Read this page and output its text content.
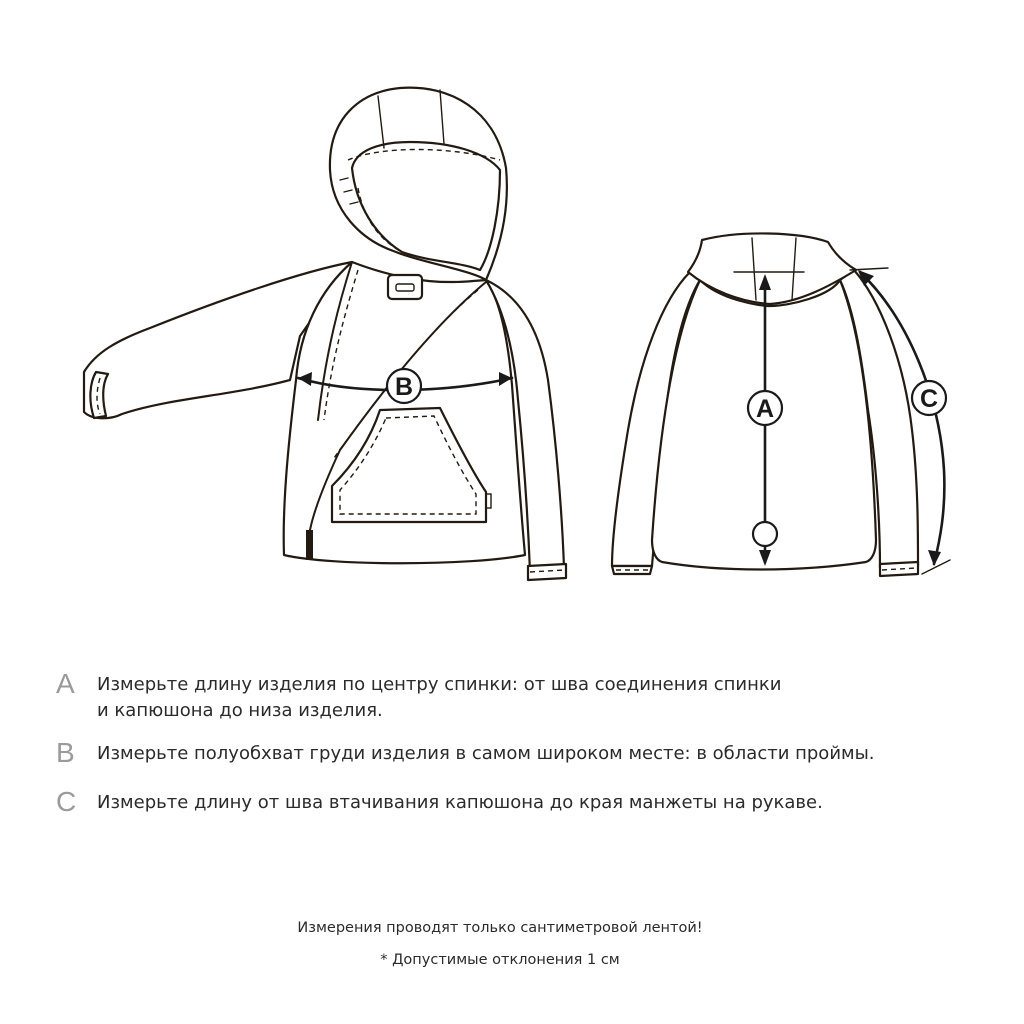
B
A	C
A	Измерьте длину изделия по центру спинки: от шва соединения спинки
и капюшона до низа изделия.
B	Измерьте полуобхват груди изделия в самом широком месте: в области проймы.
C	Измерьте длину от шва втачивания капюшона до края манжеты на рукаве.
Измерения проводят только сантиметровой лентой!
* Допустимые отклонения 1 см
